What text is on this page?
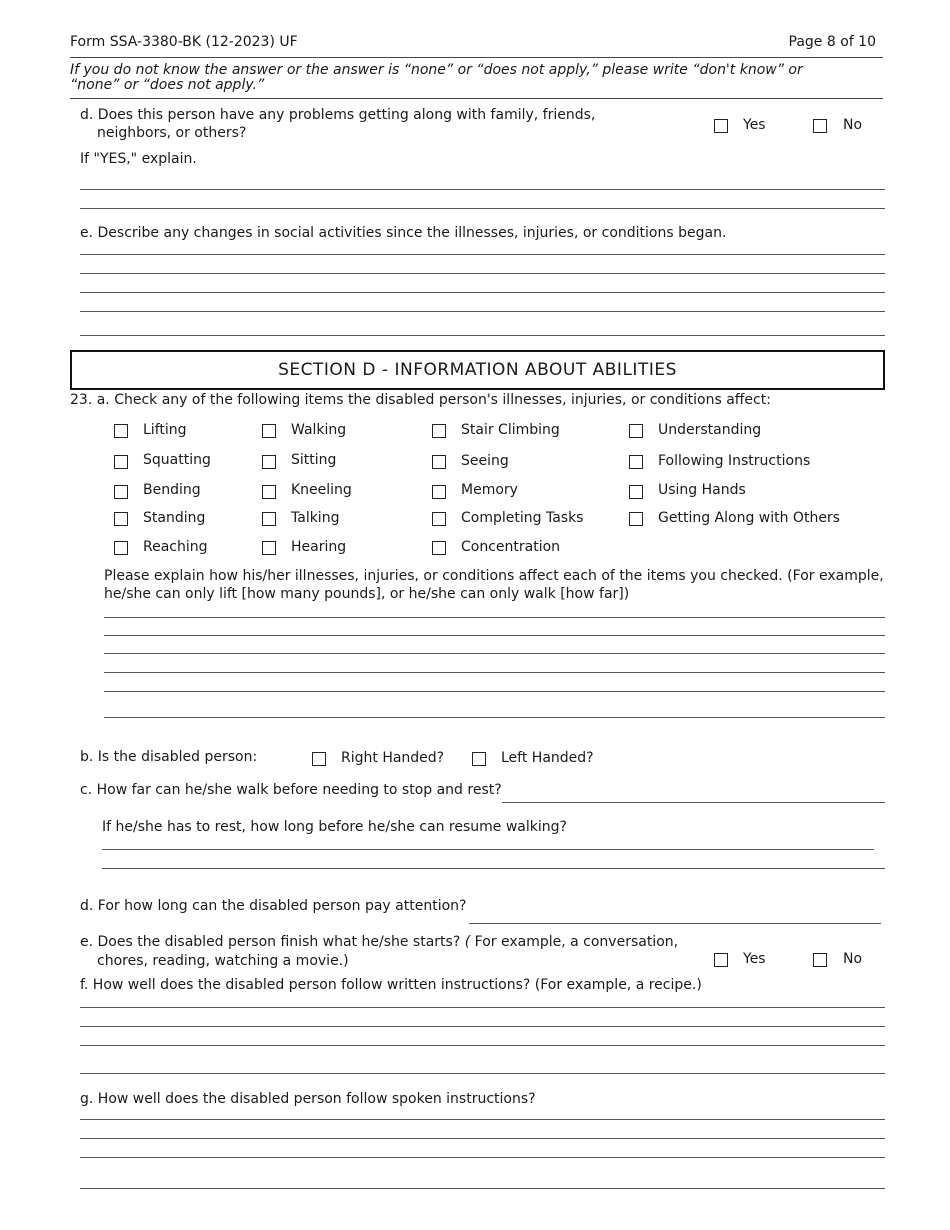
Form SSA-3380-BK (12-2023) UF	Page 8 of 10
If you do not know the answer or the answer is “none” or “does not apply,” please write “don't know” or
“none” or “does not apply.”
d. Does this person have any problems getting along with family, friends,
neighbors, or others?	Yes	No
If "YES," explain.
e. Describe any changes in social activities since the illnesses, injuries, or conditions began.
SECTION D - INFORMATION ABOUT ABILITIES
23. a. Check any of the following items the disabled person's illnesses, injuries, or conditions affect:
Lifting	Walking	Stair Climbing	Understanding
Squatting	Sitting	Seeing	Following Instructions
Bending	Kneeling	Memory	Using Hands
Standing	Talking	Completing Tasks	Getting Along with Others
Reaching	Hearing	Concentration
Please explain how his/her illnesses, injuries, or conditions affect each of the items you checked. (For example,
he/she can only lift [how many pounds], or he/she can only walk [how far])
b. Is the disabled person:	Right Handed?	Left Handed?
c. How far can he/she walk before needing to stop and rest?
If he/she has to rest, how long before he/she can resume walking?
d. For how long can the disabled person pay attention?
e. Does the disabled person finish what he/she starts? ( For example, a conversation,
chores, reading, watching a movie.)	Yes	No
f. How well does the disabled person follow written instructions? (For example, a recipe.)
g. How well does the disabled person follow spoken instructions?
